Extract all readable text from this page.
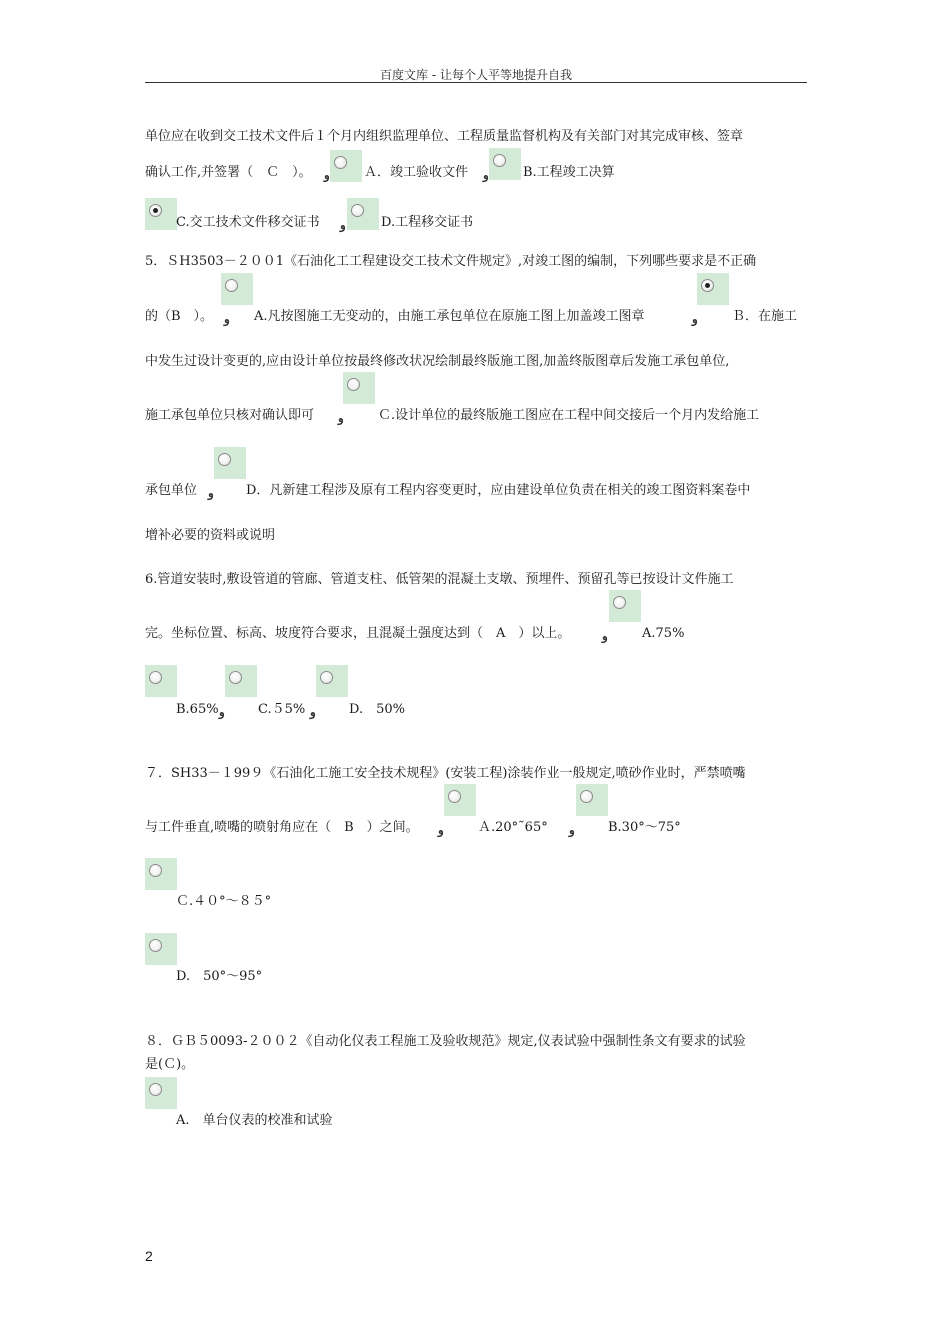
百度文库 - 让每个人平等地提升自我
单位应在收到交工技术文件后１个月内组织监理单位、工程质量监督机构及有关部门对其完成审核、签章
确认工作,并签署（　Ｃ　）。 و	Ａ．竣工验收文件 و	B.工程竣工决算
C.交工技术文件移交证书 و	D.工程移交证书
5．ＳH3503－２００1《石油化工工程建设交工技术文件规定》,对竣工图的编制，下列哪些要求是不正确
的（B　）。 و A.凡按图施工无变动的，由施工承包单位在原施工图上加盖竣工图章	و	Ｂ．在施工
中发生过设计变更的,应由设计单位按最终修改状况绘制最终版施工图,加盖终版图章后发施工承包单位,
施工承包单位只核对确认即可 و	Ｃ.设计单位的最终版施工图应在工程中间交接后一个月内发给施工
承包单位 و D．凡新建工程涉及原有工程内容变更时，应由建设单位负责在相关的竣工图资料案卷中
增补必要的资料或说明
6.管道安装时,敷设管道的管廊、管道支柱、低管架的混凝土支墩、预埋件、预留孔等已按设计文件施工
完。坐标位置、标高、坡度符合要求，且混凝土强度达到（　A　）以上。	و	A.75%
B.65% و	C.５5% و	D.　50%
７．SH33－１99９《石油化工施工安全技术规程》(安装工程)涂装作业一般规定,喷砂作业时，严禁喷嘴
与工件垂直,喷嘴的喷射角应在（　B　）之间。 و	Ａ.20°˜65° و	B.30°～75°
Ｃ.４０°～８５°
D.　50°～95°
８．ＧＢ５0093-２００２《自动化仪表工程施工及验收规范》规定,仪表试验中强制性条文有要求的试验
是(Ｃ)。
A.　单台仪表的校准和试验
2
